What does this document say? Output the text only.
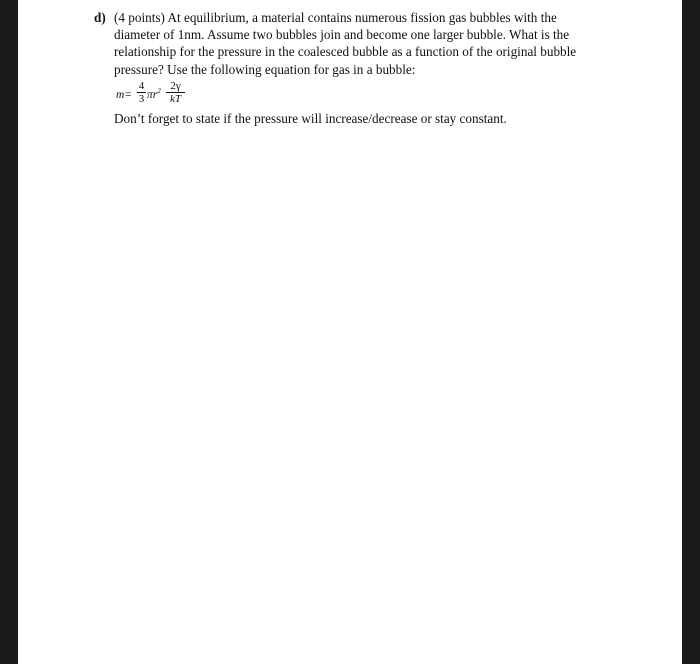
d) (4 points) At equilibrium, a material contains numerous fission gas bubbles with the
diameter of 1nm. Assume two bubbles join and become one larger bubble. What is the
relationship for the pressure in the coalesced bubble as a function of the original bubble
pressure? Use the following equation for gas in a bubble:
$m= \frac{4}{3} \pi r^2 \frac{2\gamma}{kT}$
Don’t forget to state if the pressure will increase/decrease or stay constant.
